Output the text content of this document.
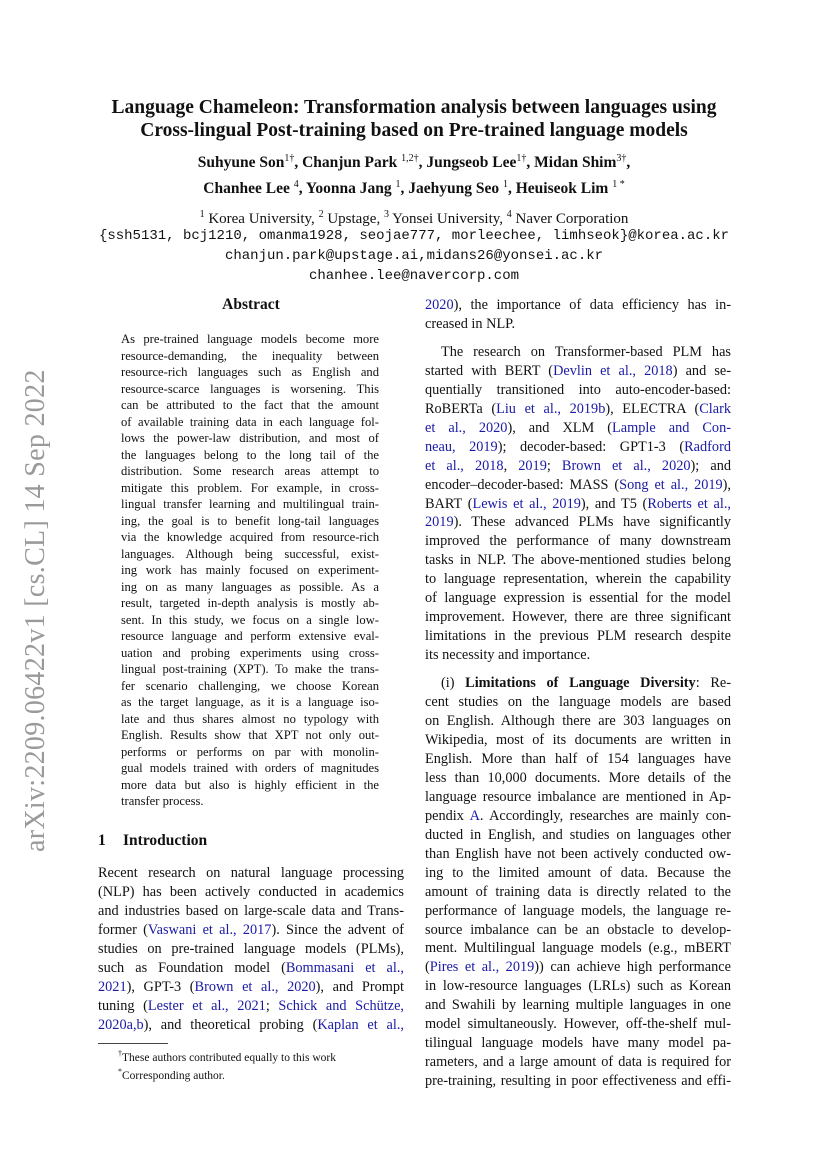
arXiv:2209.06422v1 [cs.CL] 14 Sep 2022
Language Chameleon: Transformation analysis between languages using
Cross-lingual Post-training based on Pre-trained language models
Suhyune Son$^{1\dagger}$, Chanjun Park $^{1,2\dagger}$, Jungseob Lee$^{1\dagger}$, Midan Shim$^{3\dagger}$,
Chanhee Lee $^4$, Yoonna Jang $^1$, Jaehyung Seo $^1$, Heuiseok Lim $^{1 *}$
$^1$ Korea University, $^2$ Upstage, $^3$ Yonsei University, $^4$ Naver Corporation
{ssh5131, bcj1210, omanma1928, seojae777, morleechee, limhseok}@korea.ac.kr
chanjun.park@upstage.ai,midans26@yonsei.ac.kr
chanhee.lee@navercorp.com
Abstract
As pre-trained language models become more
resource-demanding, the inequality between
resource-rich languages such as English and
resource-scarce languages is worsening. This
can be attributed to the fact that the amount
of available training data in each language fol-
lows the power-law distribution, and most of
the languages belong to the long tail of the
distribution. Some research areas attempt to
mitigate this problem. For example, in cross-
lingual transfer learning and multilingual train-
ing, the goal is to benefit long-tail languages
via the knowledge acquired from resource-rich
languages. Although being successful, exist-
ing work has mainly focused on experiment-
ing on as many languages as possible. As a
result, targeted in-depth analysis is mostly ab-
sent. In this study, we focus on a single low-
resource language and perform extensive eval-
uation and probing experiments using cross-
lingual post-training (XPT). To make the trans-
fer scenario challenging, we choose Korean
as the target language, as it is a language iso-
late and thus shares almost no typology with
English. Results show that XPT not only out-
performs or performs on par with monolin-
gual models trained with orders of magnitudes
more data but also is highly efficient in the
transfer process.
1 Introduction
Recent research on natural language processing
(NLP) has been actively conducted in academics
and industries based on large-scale data and Trans-
former (Vaswani et al., 2017). Since the advent of
studies on pre-trained language models (PLMs),
such as Foundation model (Bommasani et al.,
2021), GPT-3 (Brown et al., 2020), and Prompt
tuning (Lester et al., 2021; Schick and Schütze,
2020a,b), and theoretical probing (Kaplan et al.,
2020), the importance of data efficiency has in-
creased in NLP.
The research on Transformer-based PLM has
started with BERT (Devlin et al., 2018) and se-
quentially transitioned into auto-encoder-based:
RoBERTa (Liu et al., 2019b), ELECTRA (Clark
et al., 2020), and XLM (Lample and Con-
neau, 2019); decoder-based: GPT1-3 (Radford
et al., 2018, 2019; Brown et al., 2020); and
encoder–decoder-based: MASS (Song et al., 2019),
BART (Lewis et al., 2019), and T5 (Roberts et al.,
2019). These advanced PLMs have significantly
improved the performance of many downstream
tasks in NLP. The above-mentioned studies belong
to language representation, wherein the capability
of language expression is essential for the model
improvement. However, there are three significant
limitations in the previous PLM research despite
its necessity and importance.
(i) Limitations of Language Diversity: Re-
cent studies on the language models are based
on English. Although there are 303 languages on
Wikipedia, most of its documents are written in
English. More than half of 154 languages have
less than 10,000 documents. More details of the
language resource imbalance are mentioned in Ap-
pendix A. Accordingly, researches are mainly con-
ducted in English, and studies on languages other
than English have not been actively conducted ow-
ing to the limited amount of data. Because the
amount of training data is directly related to the
performance of language models, the language re-
source imbalance can be an obstacle to develop-
ment. Multilingual language models (e.g., mBERT
(Pires et al., 2019)) can achieve high performance
in low-resource languages (LRLs) such as Korean
and Swahili by learning multiple languages in one
model simultaneously. However, off-the-shelf mul-
tilingual language models have many model pa-
rameters, and a large amount of data is required for
pre-training, resulting in poor effectiveness and effi-
†These authors contributed equally to this work
*Corresponding author.
